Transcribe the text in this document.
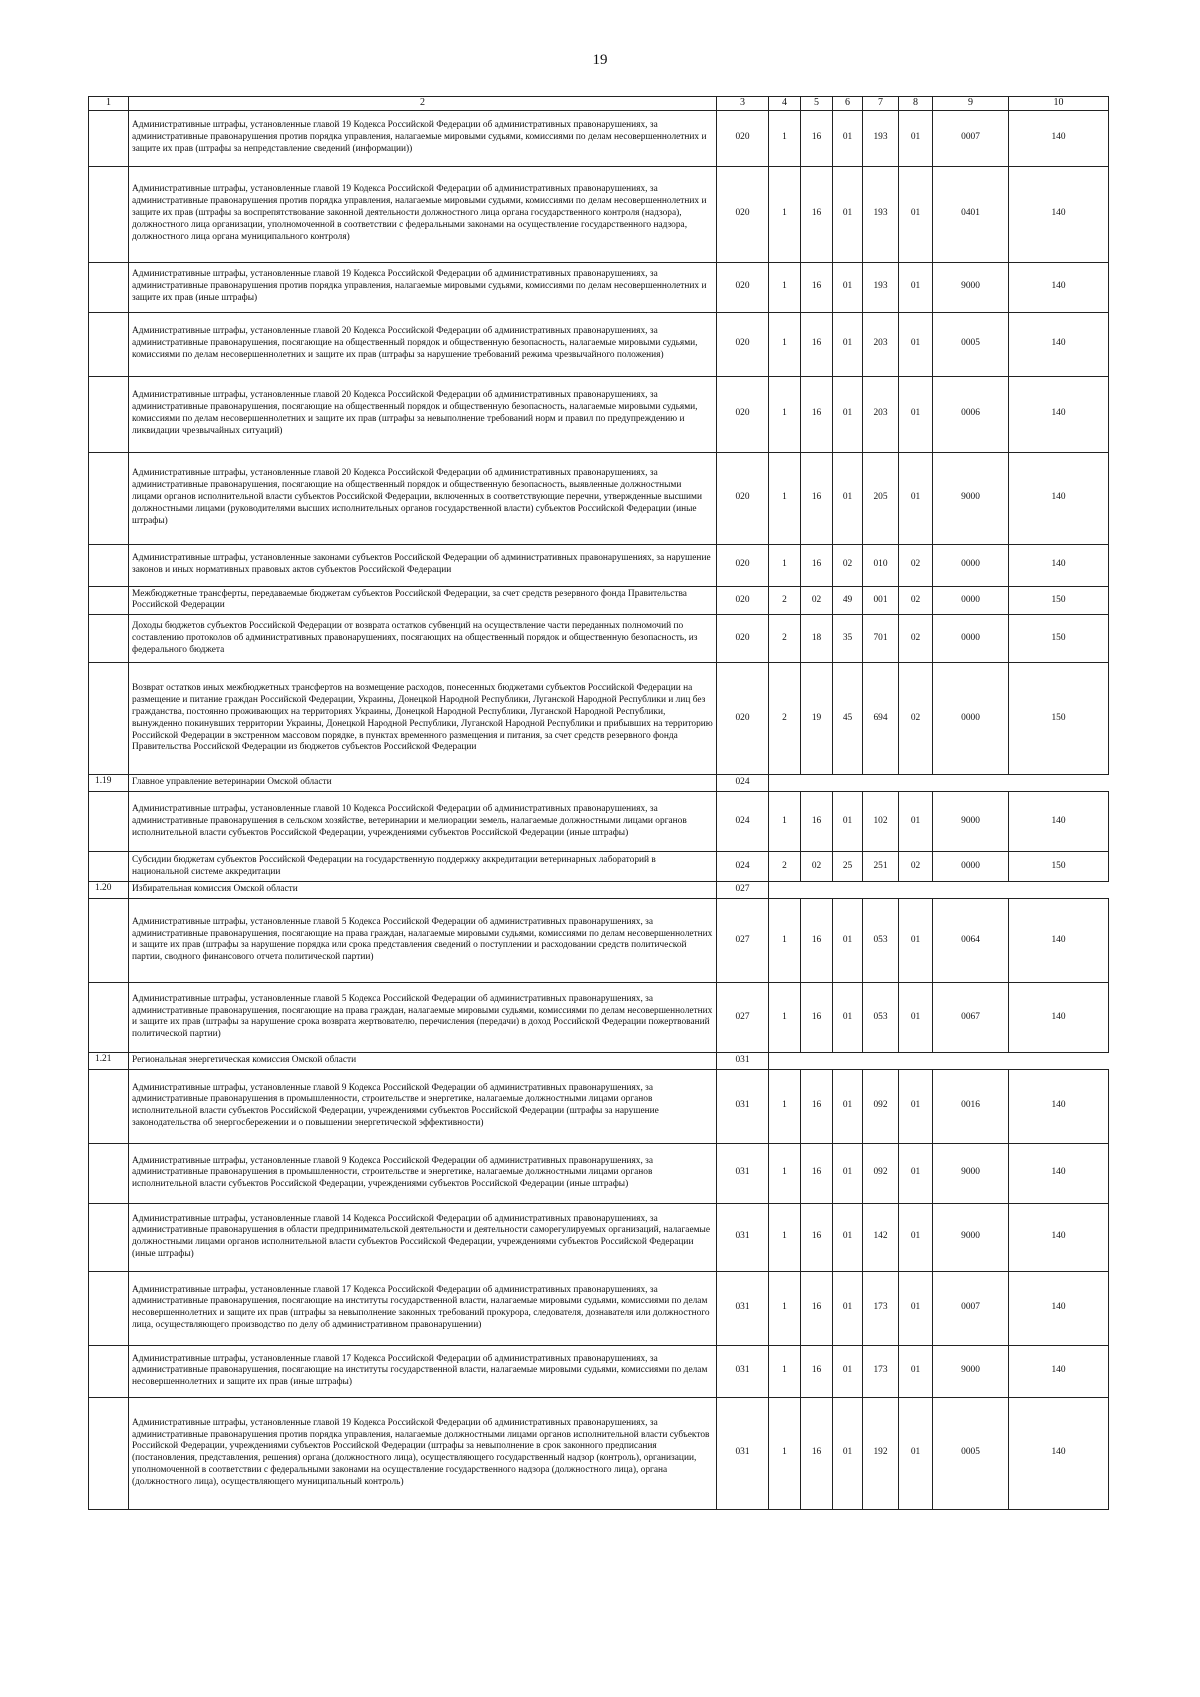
19
1	2	3	4	5	6	7	8	9	10
	Административные штрафы, установленные главой 19 Кодекса Российской Федерации об административных правонарушениях, за административные правонарушения против порядка управления, налагаемые мировыми судьями, комиссиями по делам несовершеннолетних и защите их прав (штрафы за непредставление сведений (информации))	020	1	16	01	193	01	0007	140
	Административные штрафы, установленные главой 19 Кодекса Российской Федерации об административных правонарушениях, за административные правонарушения против порядка управления, налагаемые мировыми судьями, комиссиями по делам несовершеннолетних и защите их прав (штрафы за воспрепятствование законной деятельности должностного лица органа государственного контроля (надзора), должностного лица организации, уполномоченной в соответствии с федеральными законами на осуществление государственного надзора, должностного лица органа муниципального контроля)	020	1	16	01	193	01	0401	140
	Административные штрафы, установленные главой 19 Кодекса Российской Федерации об административных правонарушениях, за административные правонарушения против порядка управления, налагаемые мировыми судьями, комиссиями по делам несовершеннолетних и защите их прав (иные штрафы)	020	1	16	01	193	01	9000	140
	Административные штрафы, установленные главой 20 Кодекса Российской Федерации об административных правонарушениях, за административные правонарушения, посягающие на общественный порядок и общественную безопасность, налагаемые мировыми судьями, комиссиями по делам несовершеннолетних и защите их прав (штрафы за нарушение требований режима чрезвычайного положения)	020	1	16	01	203	01	0005	140
	Административные штрафы, установленные главой 20 Кодекса Российской Федерации об административных правонарушениях, за административные правонарушения, посягающие на общественный порядок и общественную безопасность, налагаемые мировыми судьями, комиссиями по делам несовершеннолетних и защите их прав (штрафы за невыполнение требований норм и правил по предупреждению и ликвидации чрезвычайных ситуаций)	020	1	16	01	203	01	0006	140
	Административные штрафы, установленные главой 20 Кодекса Российской Федерации об административных правонарушениях, за административные правонарушения, посягающие на общественный порядок и общественную безопасность, выявленные должностными лицами органов исполнительной власти субъектов Российской Федерации, включенных в соответствующие перечни, утвержденные высшими должностными лицами (руководителями высших исполнительных органов государственной власти) субъектов Российской Федерации (иные штрафы)	020	1	16	01	205	01	9000	140
	Административные штрафы, установленные законами субъектов Российской Федерации об административных правонарушениях, за нарушение законов и иных нормативных правовых актов субъектов Российской Федерации	020	1	16	02	010	02	0000	140
	Межбюджетные трансферты, передаваемые бюджетам субъектов Российской Федерации, за счет средств резервного фонда Правительства Российской Федерации	020	2	02	49	001	02	0000	150
	Доходы бюджетов субъектов Российской Федерации от возврата остатков субвенций на осуществление части переданных полномочий по составлению протоколов об административных правонарушениях, посягающих на общественный порядок и общественную безопасность, из федерального бюджета	020	2	18	35	701	02	0000	150
	Возврат остатков иных межбюджетных трансфертов на возмещение расходов, понесенных бюджетами субъектов Российской Федерации на размещение и питание граждан Российской Федерации, Украины, Донецкой Народной Республики, Луганской Народной Республики и лиц без гражданства, постоянно проживающих на территориях Украины, Донецкой Народной Республики, Луганской Народной Республики, вынужденно покинувших территории Украины, Донецкой Народной Республики, Луганской Народной Республики и прибывших на территорию Российской Федерации в экстренном массовом порядке, в пунктах временного размещения и питания, за счет средств резервного фонда Правительства Российской Федерации из бюджетов субъектов Российской Федерации	020	2	19	45	694	02	0000	150
1.19	Главное управление ветеринарии Омской области	024							
	Административные штрафы, установленные главой 10 Кодекса Российской Федерации об административных правонарушениях, за административные правонарушения в сельском хозяйстве, ветеринарии и мелиорации земель, налагаемые должностными лицами органов исполнительной власти субъектов Российской Федерации, учреждениями субъектов Российской Федерации (иные штрафы)	024	1	16	01	102	01	9000	140
	Субсидии бюджетам субъектов Российской Федерации на государственную поддержку аккредитации ветеринарных лабораторий в национальной системе аккредитации	024	2	02	25	251	02	0000	150
1.20	Избирательная комиссия Омской области	027							
	Административные штрафы, установленные главой 5 Кодекса Российской Федерации об административных правонарушениях, за административные правонарушения, посягающие на права граждан, налагаемые мировыми судьями, комиссиями по делам несовершеннолетних и защите их прав (штрафы за нарушение порядка или срока представления сведений о поступлении и расходовании средств политической партии, сводного финансового отчета политической партии)	027	1	16	01	053	01	0064	140
	Административные штрафы, установленные главой 5 Кодекса Российской Федерации об административных правонарушениях, за административные правонарушения, посягающие на права граждан, налагаемые мировыми судьями, комиссиями по делам несовершеннолетних и защите их прав (штрафы за нарушение срока возврата жертвователю, перечисления (передачи) в доход Российской Федерации пожертвований политической партии)	027	1	16	01	053	01	0067	140
1.21	Региональная энергетическая комиссия Омской области	031							
	Административные штрафы, установленные главой 9 Кодекса Российской Федерации об административных правонарушениях, за административные правонарушения в промышленности, строительстве и энергетике, налагаемые должностными лицами органов исполнительной власти субъектов Российской Федерации, учреждениями субъектов Российской Федерации (штрафы за нарушение законодательства об энергосбережении и о повышении энергетической эффективности)	031	1	16	01	092	01	0016	140
	Административные штрафы, установленные главой 9 Кодекса Российской Федерации об административных правонарушениях, за административные правонарушения в промышленности, строительстве и энергетике, налагаемые должностными лицами органов исполнительной власти субъектов Российской Федерации, учреждениями субъектов Российской Федерации (иные штрафы)	031	1	16	01	092	01	9000	140
	Административные штрафы, установленные главой 14 Кодекса Российской Федерации об административных правонарушениях, за административные правонарушения в области предпринимательской деятельности и деятельности саморегулируемых организаций, налагаемые должностными лицами органов исполнительной власти субъектов Российской Федерации, учреждениями субъектов Российской Федерации (иные штрафы)	031	1	16	01	142	01	9000	140
	Административные штрафы, установленные главой 17 Кодекса Российской Федерации об административных правонарушениях, за административные правонарушения, посягающие на институты государственной власти, налагаемые мировыми судьями, комиссиями по делам несовершеннолетних и защите их прав (штрафы за невыполнение законных требований прокурора, следователя, дознавателя или должностного лица, осуществляющего производство по делу об административном правонарушении)	031	1	16	01	173	01	0007	140
	Административные штрафы, установленные главой 17 Кодекса Российской Федерации об административных правонарушениях, за административные правонарушения, посягающие на институты государственной власти, налагаемые мировыми судьями, комиссиями по делам несовершеннолетних и защите их прав (иные штрафы)	031	1	16	01	173	01	9000	140
	Административные штрафы, установленные главой 19 Кодекса Российской Федерации об административных правонарушениях, за административные правонарушения против порядка управления, налагаемые должностными лицами органов исполнительной власти субъектов Российской Федерации, учреждениями субъектов Российской Федерации (штрафы за невыполнение в срок законного предписания (постановления, представления, решения) органа (должностного лица), осуществляющего государственный надзор (контроль), организации, уполномоченной в соответствии с федеральными законами на осуществление государственного надзора (должностного лица), органа (должностного лица), осуществляющего муниципальный контроль)	031	1	16	01	192	01	0005	140
